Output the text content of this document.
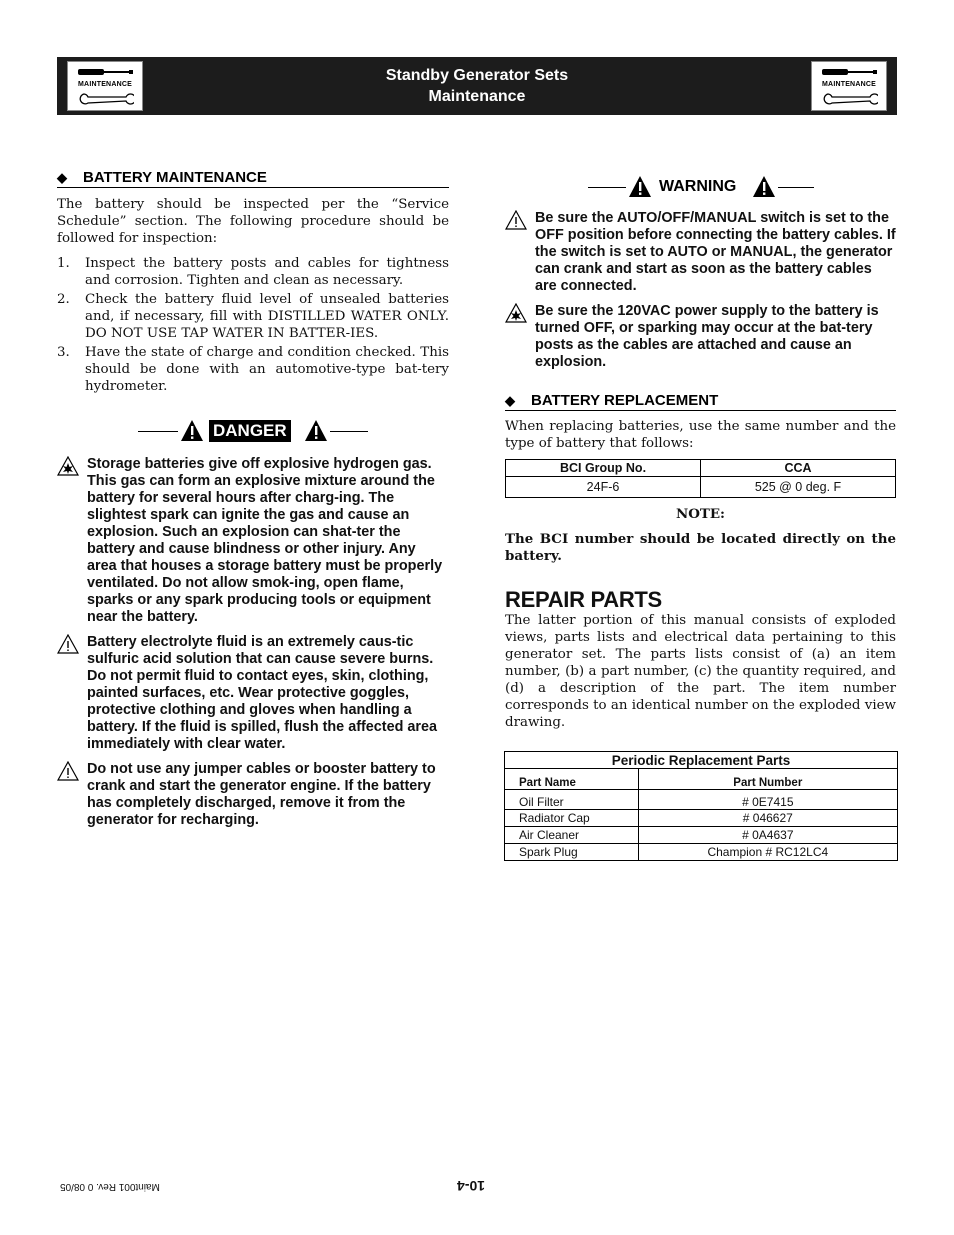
MAINTENANCE
Standby Generator Sets
Maintenance
MAINTENANCE
◆ BATTERY MAINTENANCE
The battery should be inspected per the “Service Schedule” section. The following procedure should be followed for inspection:
1. Inspect the battery posts and cables for tightness and corrosion. Tighten and clean as necessary.
2. Check the battery fluid level of unsealed batteries and, if necessary, fill with DISTILLED WATER ONLY. DO NOT USE TAP WATER IN BATTER-IES.
3. Have the state of charge and condition checked. This should be done with an automotive-type bat-tery hydrometer.
DANGER
Storage batteries give off explosive hydrogen gas. This gas can form an explosive mixture around the battery for several hours after charg-ing. The slightest spark can ignite the gas and cause an explosion. Such an explosion can shat-ter the battery and cause blindness or other injury. Any area that houses a storage battery must be properly ventilated. Do not allow smok-ing, open flame, sparks or any spark producing tools or equipment near the battery.
Battery electrolyte fluid is an extremely caus-tic sulfuric acid solution that can cause severe burns. Do not permit fluid to contact eyes, skin, clothing, painted surfaces, etc. Wear protective goggles, protective clothing and gloves when handling a battery. If the fluid is spilled, flush the affected area immediately with clear water.
Do not use any jumper cables or booster battery to crank and start the generator engine. If the battery has completely discharged, remove it from the generator for recharging.
WARNING
Be sure the AUTO/OFF/MANUAL switch is set to the OFF position before connecting the battery cables. If the switch is set to AUTO or MANUAL, the generator can crank and start as soon as the battery cables are connected.
Be sure the 120VAC power supply to the battery is turned OFF, or sparking may occur at the bat-tery posts as the cables are attached and cause an explosion.
◆ BATTERY REPLACEMENT
When replacing batteries, use the same number and the type of battery that follows:
BCI Group No.	CCA
24F-6	525 @ 0 deg. F
NOTE:
The BCI number should be located directly on the battery.
REPAIR PARTS
The latter portion of this manual consists of exploded views, parts lists and electrical data pertaining to this generator set. The parts lists consist of (a) an item number, (b) a part number, (c) the quantity required, and (d) a description of the part. The item number corresponds to an identical number on the exploded view drawing.
Periodic Replacement Parts	
Part Name	Part Number
Oil Filter	# 0E7415
Radiator Cap	# 046627
Air Cleaner	# 0A4637
Spark Plug	Champion # RC12LC4
10-4
Maint001 Rev. 0 08/05
